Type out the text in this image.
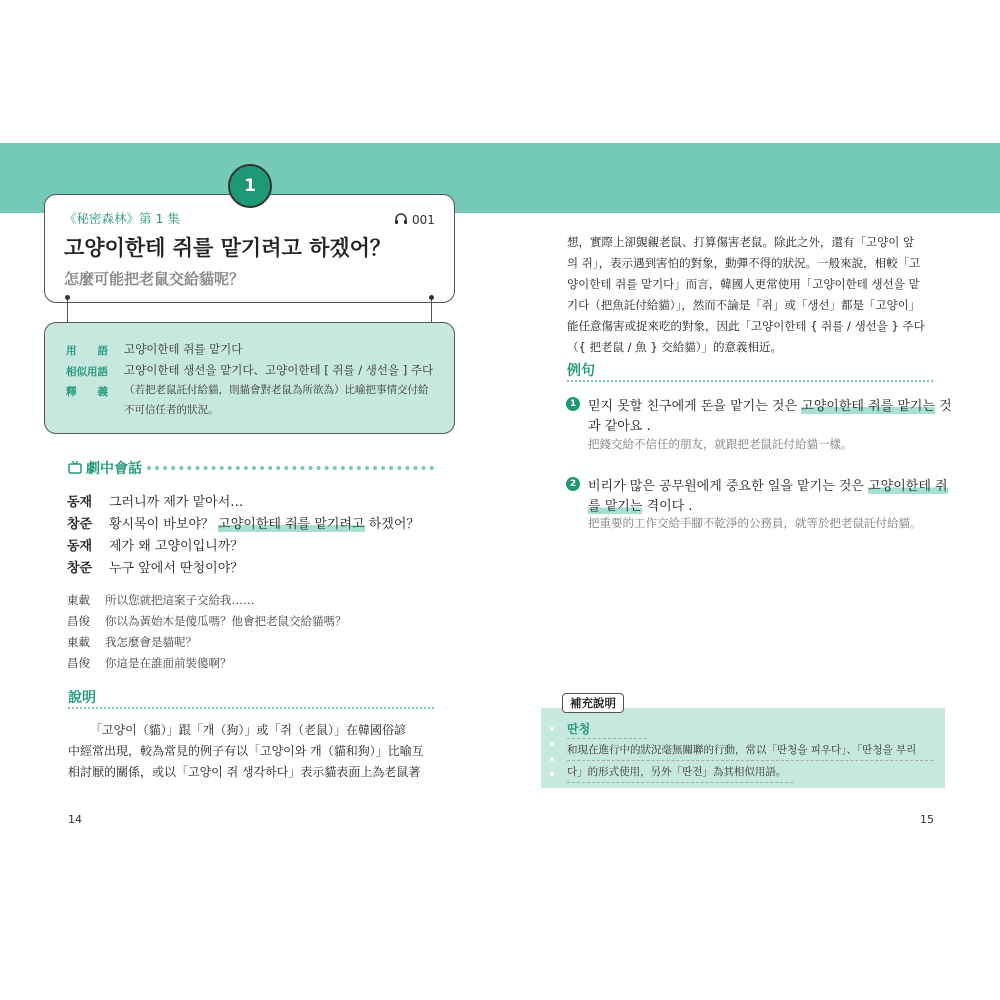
1
《秘密森林》第 1 集	001
고양이한테 쥐를 맡기려고 하겠어？
怎麼可能把老鼠交給貓呢？
用　　語 고양이한테 쥐를 맡기다
相似用語 고양이한테 생선을 맡기다、고양이한테 [ 쥐를 / 생선을 ] 주다
釋　　義 （若把老鼠託付給貓，則貓會對老鼠為所欲為）比喻把事情交付給
不可信任者的狀況。
劇中會話
동재 그러니까 제가 맡아서…
창준 황시목이 바보야？ 고양이한테 쥐를 맡기려고 하겠어？
동재 제가 왜 고양이입니까？
창준 누구 앞에서 딴청이야？
東載 所以您就把這案子交給我……
昌俊 你以為黃始木是傻瓜嗎？他會把老鼠交給貓嗎？
東載 我怎麼會是貓呢？
昌俊 你這是在誰面前裝傻啊？
說明
「고양이（貓）」跟「개（狗）」或「쥐（老鼠）」在韓國俗諺
中經常出現，較為常見的例子有以「고양이와 개（貓和狗）」比喻互
相討厭的關係，或以「고양이 쥐 생각하다」表示貓表面上為老鼠著
14
想，實際上卻覬覦老鼠、打算傷害老鼠。除此之外，還有「고양이 앞
의 쥐」，表示遇到害怕的對象，動彈不得的狀況。一般來說，相較「고
양이한테 쥐를 맡기다」而言，韓國人更常使用「고양이한테 생선을 맡
기다（把魚託付給貓）」，然而不論是「쥐」或「생선」都是「고양이」
能任意傷害或捉來吃的對象，因此「고양이한테 { 쥐를 / 생선을 } 주다
（{ 把老鼠 / 魚 } 交給貓）」的意義相近。
例句
1 믿지 못할 친구에게 돈을 맡기는 것은 고양이한테 쥐를 맡기는 것
과 같아요 .
把錢交給不信任的朋友，就跟把老鼠託付給貓一樣。
2 비리가 많은 공무원에게 중요한 일을 맡기는 것은 고양이한테 쥐
를 맡기는 격이다 .
把重要的工作交給手腳不乾淨的公務員，就等於把老鼠託付給貓。
補充說明
딴청
和現在進行中的狀況毫無關聯的行動，常以「딴청을 피우다」、「딴청을 부리
다」的形式使用，另外「딴전」為其相似用語。
15
